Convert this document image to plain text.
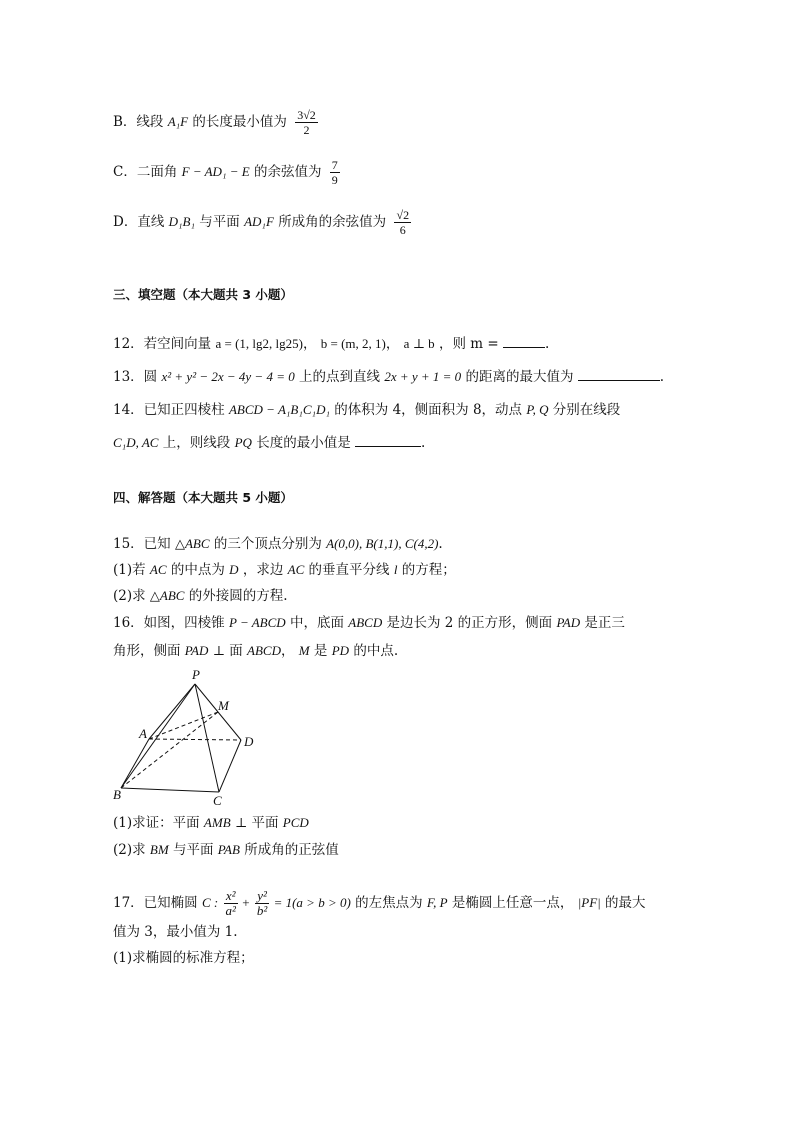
B．线段 A₁F 的长度最小值为 $\frac{3√2}{2}$
C．二面角 F − AD₁ − E 的余弦值为 $\frac{7}{9}$
D．直线 D₁B₁ 与平面 AD₁F 所成角的余弦值为 $\frac{√2}{6}$
三、填空题（本大题共 3 小题）
12．若空间向量 a = (1, lg2, lg25)， b = (m, 2, 1)， a ⊥ b ，则 m =	.
13．圆 x² + y² − 2x − 4y − 4 = 0 上的点到直线 2x + y + 1 = 0 的距离的最大值为	.
14．已知正四棱柱 ABCD − A₁B₁C₁D₁ 的体积为 4，侧面积为 8，动点 P, Q 分别在线段
C₁D, AC 上，则线段 PQ 长度的最小值是	.
四、解答题（本大题共 5 小题）
15．已知 △ABC 的三个顶点分别为 A(0,0), B(1,1), C(4,2).
(1)若 AC 的中点为 D ，求边 AC 的垂直平分线 l 的方程；
(2)求 △ABC 的外接圆的方程.
16．如图，四棱锥 P − ABCD 中，底面 ABCD 是边长为 2 的正方形，侧面 PAD 是正三
角形，侧面 PAD ⊥ 面 ABCD， M 是 PD 的中点.
P
M
A
D
B	C
(1)求证：平面 AMB ⊥ 平面 PCD
(2)求 BM 与平面 PAB 所成角的正弦值
17．已知椭圆 C : $\frac{\text{x²}}{\text{a²}} + \frac{\text{y²}}{\text{b²}} = 1(a > b > 0)$ 的左焦点为 F, P 是椭圆上任意一点， |PF| 的最大
值为 3，最小值为 1.
(1)求椭圆的标准方程；
